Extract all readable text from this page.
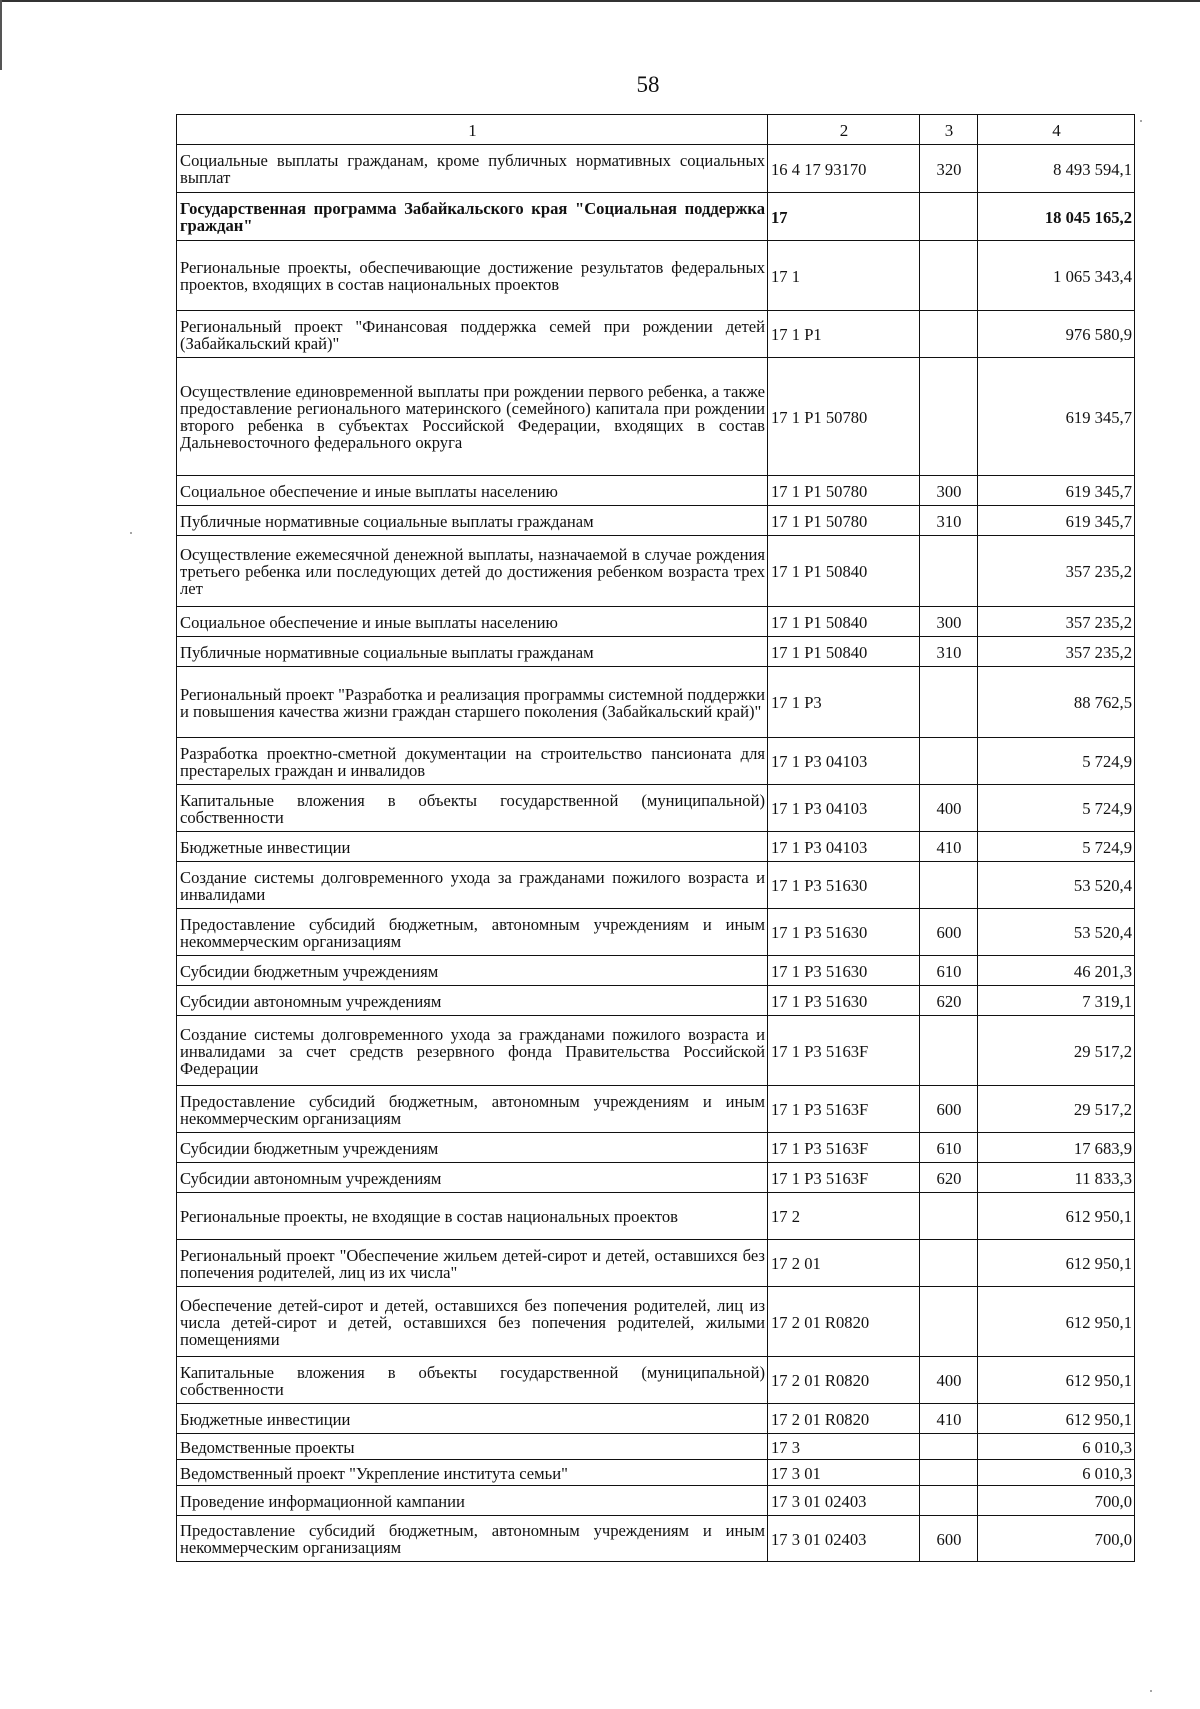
58
1	2	3	4
Социальные выплаты гражданам, кроме публичных нормативных социальных выплат	16 4 17 93170	320	8 493 594,1
Государственная программа Забайкальского края "Социальная поддержка граждан"	17		18 045 165,2
Региональные проекты, обеспечивающие достижение результатов федеральных проектов, входящих в состав национальных проектов	17 1		1 065 343,4
Региональный проект "Финансовая поддержка семей при рождении детей (Забайкальский край)"	17 1 Р1		976 580,9
Осуществление единовременной выплаты при рождении первого ребенка, а также предоставление регионального материнского (семейного) капитала при рождении второго ребенка в субъектах Российской Федерации, входящих в состав Дальневосточного федерального округа	17 1 Р1 50780		619 345,7
Социальное обеспечение и иные выплаты населению	17 1 Р1 50780	300	619 345,7
Публичные нормативные социальные выплаты гражданам	17 1 Р1 50780	310	619 345,7
Осуществление ежемесячной денежной выплаты, назначаемой в случае рождения третьего ребенка или последующих детей до достижения ребенком возраста трех лет	17 1 Р1 50840		357 235,2
Социальное обеспечение и иные выплаты населению	17 1 Р1 50840	300	357 235,2
Публичные нормативные социальные выплаты гражданам	17 1 Р1 50840	310	357 235,2
Региональный проект "Разработка и реализация программы системной поддержки и повышения качества жизни граждан старшего поколения (Забайкальский край)"	17 1 Р3		88 762,5
Разработка проектно-сметной документации на строительство пансионата для престарелых граждан и инвалидов	17 1 Р3 04103		5 724,9
Капитальные вложения в объекты государственной (муниципальной) собственности	17 1 Р3 04103	400	5 724,9
Бюджетные инвестиции	17 1 Р3 04103	410	5 724,9
Создание системы долговременного ухода за гражданами пожилого возраста и инвалидами	17 1 Р3 51630		53 520,4
Предоставление субсидий бюджетным, автономным учреждениям и иным некоммерческим организациям	17 1 Р3 51630	600	53 520,4
Субсидии бюджетным учреждениям	17 1 Р3 51630	610	46 201,3
Субсидии автономным учреждениям	17 1 Р3 51630	620	7 319,1
Создание системы долговременного ухода за гражданами пожилого возраста и инвалидами за счет средств резервного фонда Правительства Российской Федерации	17 1 Р3 5163F		29 517,2
Предоставление субсидий бюджетным, автономным учреждениям и иным некоммерческим организациям	17 1 Р3 5163F	600	29 517,2
Субсидии бюджетным учреждениям	17 1 Р3 5163F	610	17 683,9
Субсидии автономным учреждениям	17 1 Р3 5163F	620	11 833,3
Региональные проекты, не входящие в состав национальных проектов	17 2		612 950,1
Региональный проект "Обеспечение жильем детей-сирот и детей, оставшихся без попечения родителей, лиц из их числа"	17 2 01		612 950,1
Обеспечение детей-сирот и детей, оставшихся без попечения родителей, лиц из числа детей-сирот и детей, оставшихся без попечения родителей, жилыми помещениями	17 2 01 R0820		612 950,1
Капитальные вложения в объекты государственной (муниципальной) собственности	17 2 01 R0820	400	612 950,1
Бюджетные инвестиции	17 2 01 R0820	410	612 950,1
Ведомственные проекты	17 3		6 010,3
Ведомственный проект "Укрепление института семьи"	17 3 01		6 010,3
Проведение информационной кампании	17 3 01 02403		700,0
Предоставление субсидий бюджетным, автономным учреждениям и иным некоммерческим организациям	17 3 01 02403	600	700,0
